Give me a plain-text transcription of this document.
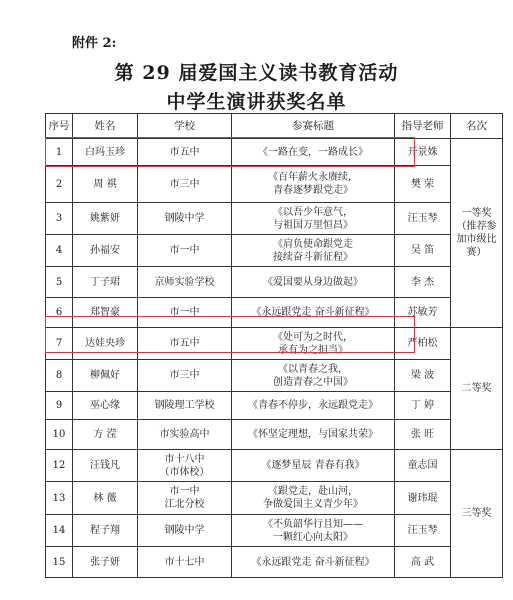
附件 2:
第 29 届爱国主义读书教育活动
中学生演讲获奖名单
序号	姓名	学校	参赛标题	指导老师	名次
1	白玛玉珍	市五中	《一路在变，一路成长》	开景姝	一等奖
（推荐参
加市级比
赛）
2	周 祺	市三中	《百年薪火永赓续，
青春逐梦跟党走》	樊 荣	
3	姚紫妍	钢陵中学	《以吾少年意气，
与祖国万里恒昌》	汪玉琴	
4	孙福安	市一中	《肩负使命跟党走
接续奋斗新征程》	吴 笛	
5	丁子珺	京师实验学校	《爱国要从身边做起》	李 杰	
6	郑智豪	市一中	《永远跟党走 奋斗新征程》	苏敏芳	
7	达娃央珍	市五中	《处可为之时代，
承有为之担当》	严柏松	二等奖
8	柳佩好	市三中	《以青春之我，
创造青春之中国》	梁 波	
9	巫心缘	钢陵理工学校	《青春不停步，永远跟党走》	丁 婷	
10	方 滢	市实验高中	《怀坚定理想，与国家共荣》	张 旺	
12	汪钱凡	市十八中
（市体校）	《逐梦星辰 青春有我》	童志国	三等奖
13	林 薇	市一中
江北分校	《跟党走，赴山河，
争做爱国主义青少年》	谢玮琨	
14	程子翔	钢陵中学	《不负韶华行且知——
一颗红心向太阳》	汪玉琴	
15	张子妍	市十七中	《永远跟党走 奋斗新征程》	高 武	
